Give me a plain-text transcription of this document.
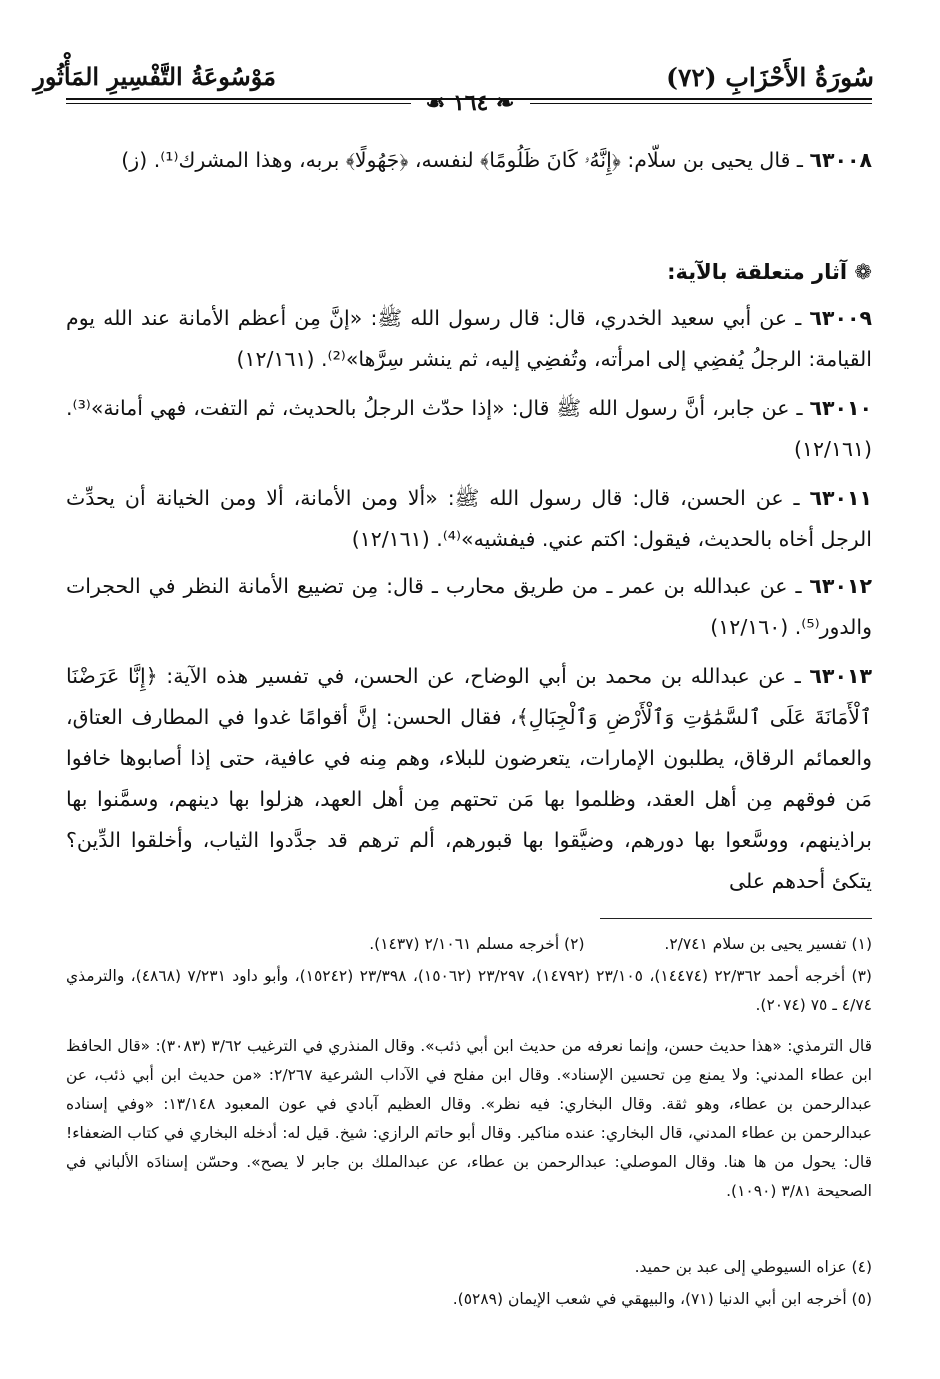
سُورَةُ الأَحْزَابِ (٧٢)
مَوْسُوعَةُ التَّفْسِيرِ المَأْثُورِ
❧ ١٦٤ ☙
٦٣٠٠٨ ـ قال يحيى بن سلّام: ﴿إِنَّهُۥ كَانَ ظَلُومًا﴾ لنفسه، ﴿جَهُولًا﴾ بربه، وهذا المشرك⁽¹⁾. (ز)
❁ آثار متعلقة بالآية:
٦٣٠٠٩ ـ عن أبي سعيد الخدري، قال: قال رسول الله ﷺ: «إنَّ مِن أعظم الأمانة عند الله يوم القيامة: الرجلُ يُفضِي إلى امرأته، وتُفضِي إليه، ثم ينشر سِرَّها»⁽²⁾. (١٢/١٦١)
٦٣٠١٠ ـ عن جابر، أنَّ رسول الله ﷺ قال: «إذا حدّث الرجلُ بالحديث، ثم التفت، فهي أمانة»⁽³⁾. (١٢/١٦١)
٦٣٠١١ ـ عن الحسن، قال: قال رسول الله ﷺ: «ألا ومن الأمانة، ألا ومن الخيانة أن يحدِّث الرجل أخاه بالحديث، فيقول: اكتم عني. فيفشيه»⁽⁴⁾. (١٢/١٦١)
٦٣٠١٢ ـ عن عبدالله بن عمر ـ من طريق محارب ـ قال: مِن تضييع الأمانة النظر في الحجرات والدور⁽⁵⁾. (١٢/١٦٠)
٦٣٠١٣ ـ عن عبدالله بن محمد بن أبي الوضاح، عن الحسن، في تفسير هذه الآية: ﴿إِنَّا عَرَضْنَا ٱلْأَمَانَةَ عَلَى ٱلسَّمَٰوَٰتِ وَٱلْأَرْضِ وَٱلْجِبَالِ﴾، فقال الحسن: إنَّ أقوامًا غدوا في المطارف العتاق، والعمائم الرقاق، يطلبون الإمارات، يتعرضون للبلاء، وهم مِنه في عافية، حتى إذا أصابوها خافوا مَن فوقهم مِن أهل العقد، وظلموا بها مَن تحتهم مِن أهل العهد، هزلوا بها دينهم، وسمَّنوا بها براذينهم، ووسَّعوا بها دورهم، وضيَّقوا بها قبورهم، ألم ترهم قد جدَّدوا الثياب، وأخلقوا الدِّين؟ يتكئ أحدهم على
(١) تفسير يحيى بن سلام ٢/٧٤١.  (٢) أخرجه مسلم ٢/١٠٦١ (١٤٣٧).
(٣) أخرجه أحمد ٢٢/٣٦٢ (١٤٤٧٤)، ٢٣/١٠٥ (١٤٧٩٢)، ٢٣/٢٩٧ (١٥٠٦٢)، ٢٣/٣٩٨ (١٥٢٤٢)، وأبو داود ٧/٢٣١ (٤٨٦٨)، والترمذي ٤/٧٤ ـ ٧٥ (٢٠٧٤).
قال الترمذي: «هذا حديث حسن، وإنما نعرفه من حديث ابن أبي ذئب». وقال المنذري في الترغيب ٣/٦٢ (٣٠٨٣): «قال الحافظ ابن عطاء المدني: ولا يمنع مِن تحسين الإسناد». وقال ابن مفلح في الآداب الشرعية ٢/٢٦٧: «من حديث ابن أبي ذئب، عن عبدالرحمن بن عطاء، وهو ثقة. وقال البخاري: فيه نظر». وقال العظيم آبادي في عون المعبود ١٣/١٤٨: «وفي إسناده عبدالرحمن بن عطاء المدني، قال البخاري: عنده مناكير. وقال أبو حاتم الرازي: شيخ. قيل له: أدخله البخاري في كتاب الضعفاء! قال: يحول من ها هنا. وقال الموصلي: عبدالرحمن بن عطاء، عن عبدالملك بن جابر لا يصح». وحسّن إسنادَه الألباني في الصحيحة ٣/٨١ (١٠٩٠).
(٤) عزاه السيوطي إلى عبد بن حميد.
(٥) أخرجه ابن أبي الدنيا (٧١)، والبيهقي في شعب الإيمان (٥٢٨٩).
